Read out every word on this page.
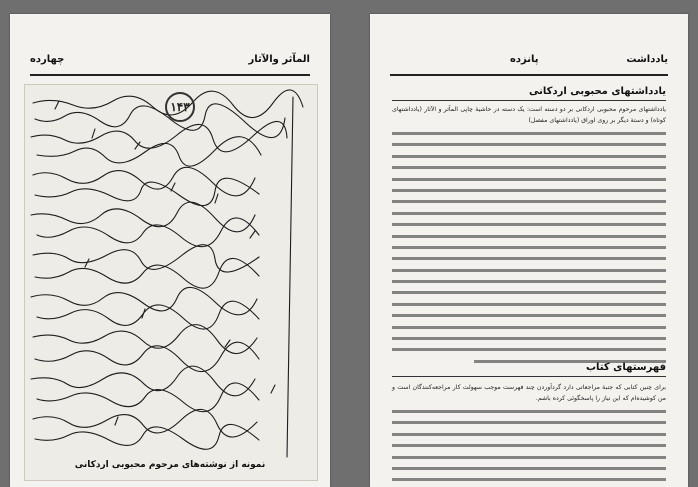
المآثر والآثار
چهارده
۱۴۳
نمونه از نوشته‌های مرحوم محبوبی اردکانی
یادداشت
پانزده
یادداشتهای محبوبی اردکانی
یادداشتهای مرحوم محبوبی اردکانی بر دو دسته است: یک دسته در حاشیهٔ چاپی المآثر و الآثار (یادداشتهای کوتاه) و دستهٔ دیگر بر روی اوراق (یادداشتهای مفصل)
فهرستهای کتاب
برای چنین کتابی که جنبهٔ مراجعاتی دارد گردآوردن چند فهرست موجب سهولت کار مراجعه‌کنندگان است و من کوشیده‌ام که این نیاز را پاسخگوئی کرده باشم.
